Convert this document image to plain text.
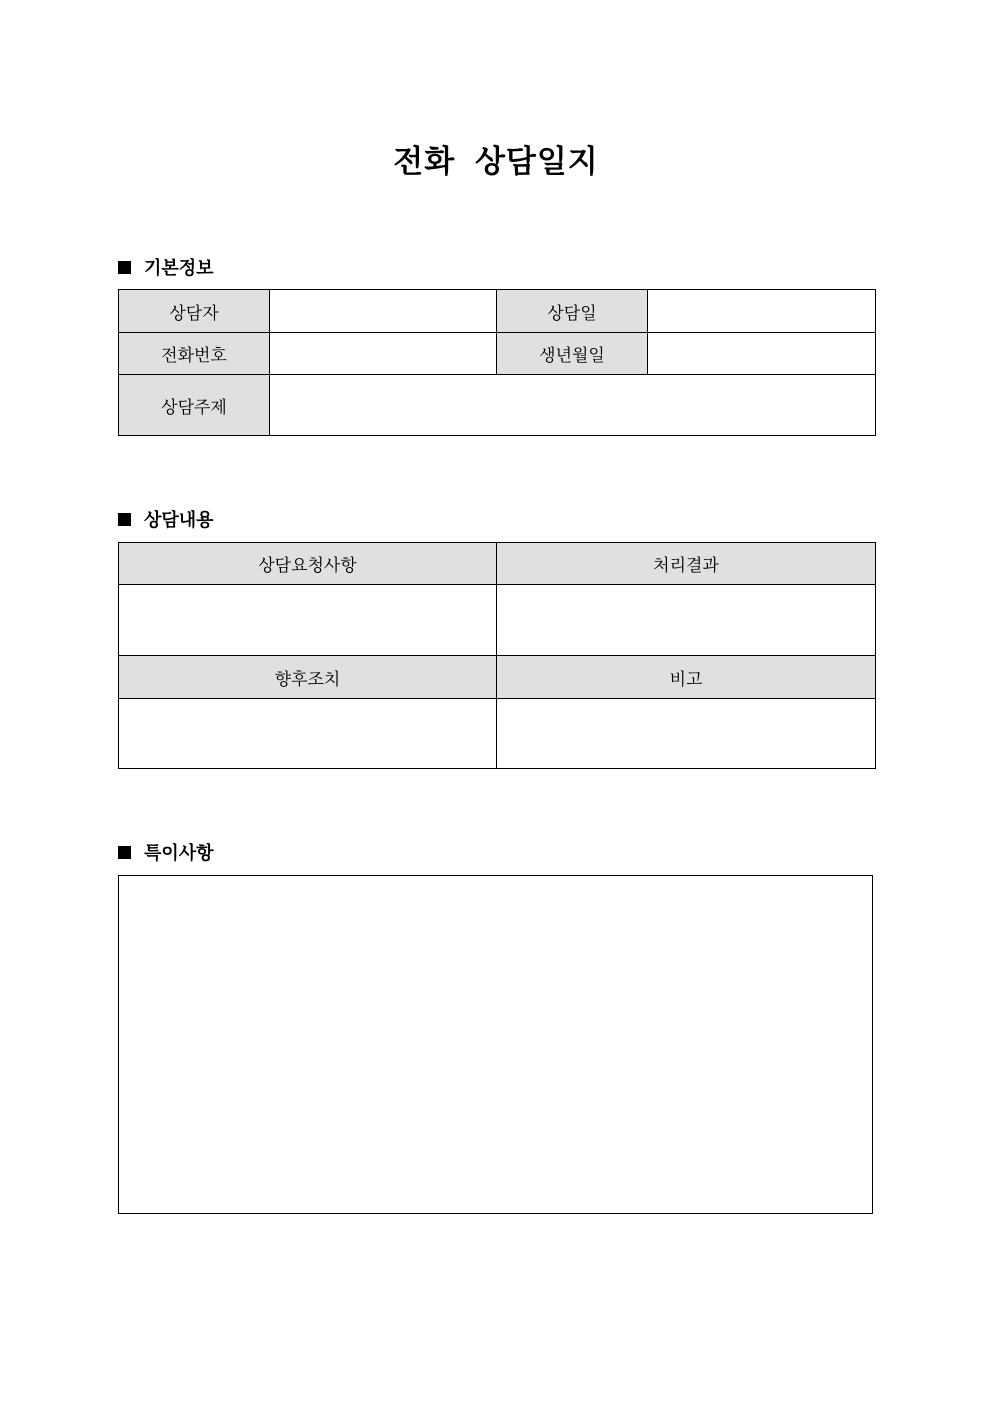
전화 상담일지
기본정보
상담자		상담일	
전화번호		생년월일	
상담주제			
상담내용
상담요청사항	처리결과

향후조치	비고

특이사항
